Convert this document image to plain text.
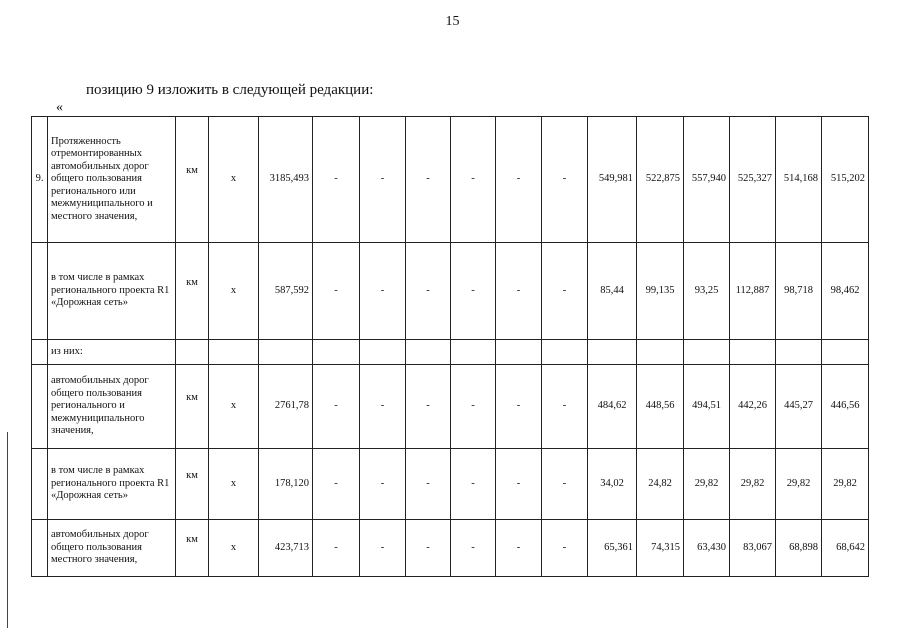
15
позицию 9 изложить в следующей редакции:
«
9.	Протяженность отремонтированных автомобильных дорог общего пользования регионального или межмуниципального и местного значения,	км	x	3185,493	-	-	-	-	-	-	549,981	522,875	557,940	525,327	514,168	515,202
	в том числе в рамках регионального проекта R1 «Дорожная сеть»	км	x	587,592	-	-	-	-	-	-	85,44	99,135	93,25	112,887	98,718	98,462
	из них:															
	автомобильных дорог общего пользования регионального и межмуниципального значения,	км	x	2761,78	-	-	-	-	-	-	484,62	448,56	494,51	442,26	445,27	446,56
	в том числе в рамках регионального проекта R1 «Дорожная сеть»	км	x	178,120	-	-	-	-	-	-	34,02	24,82	29,82	29,82	29,82	29,82
	автомобильных дорог общего пользования местного значения,	км	x	423,713	-	-	-	-	-	-	65,361	74,315	63,430	83,067	68,898	68,642
